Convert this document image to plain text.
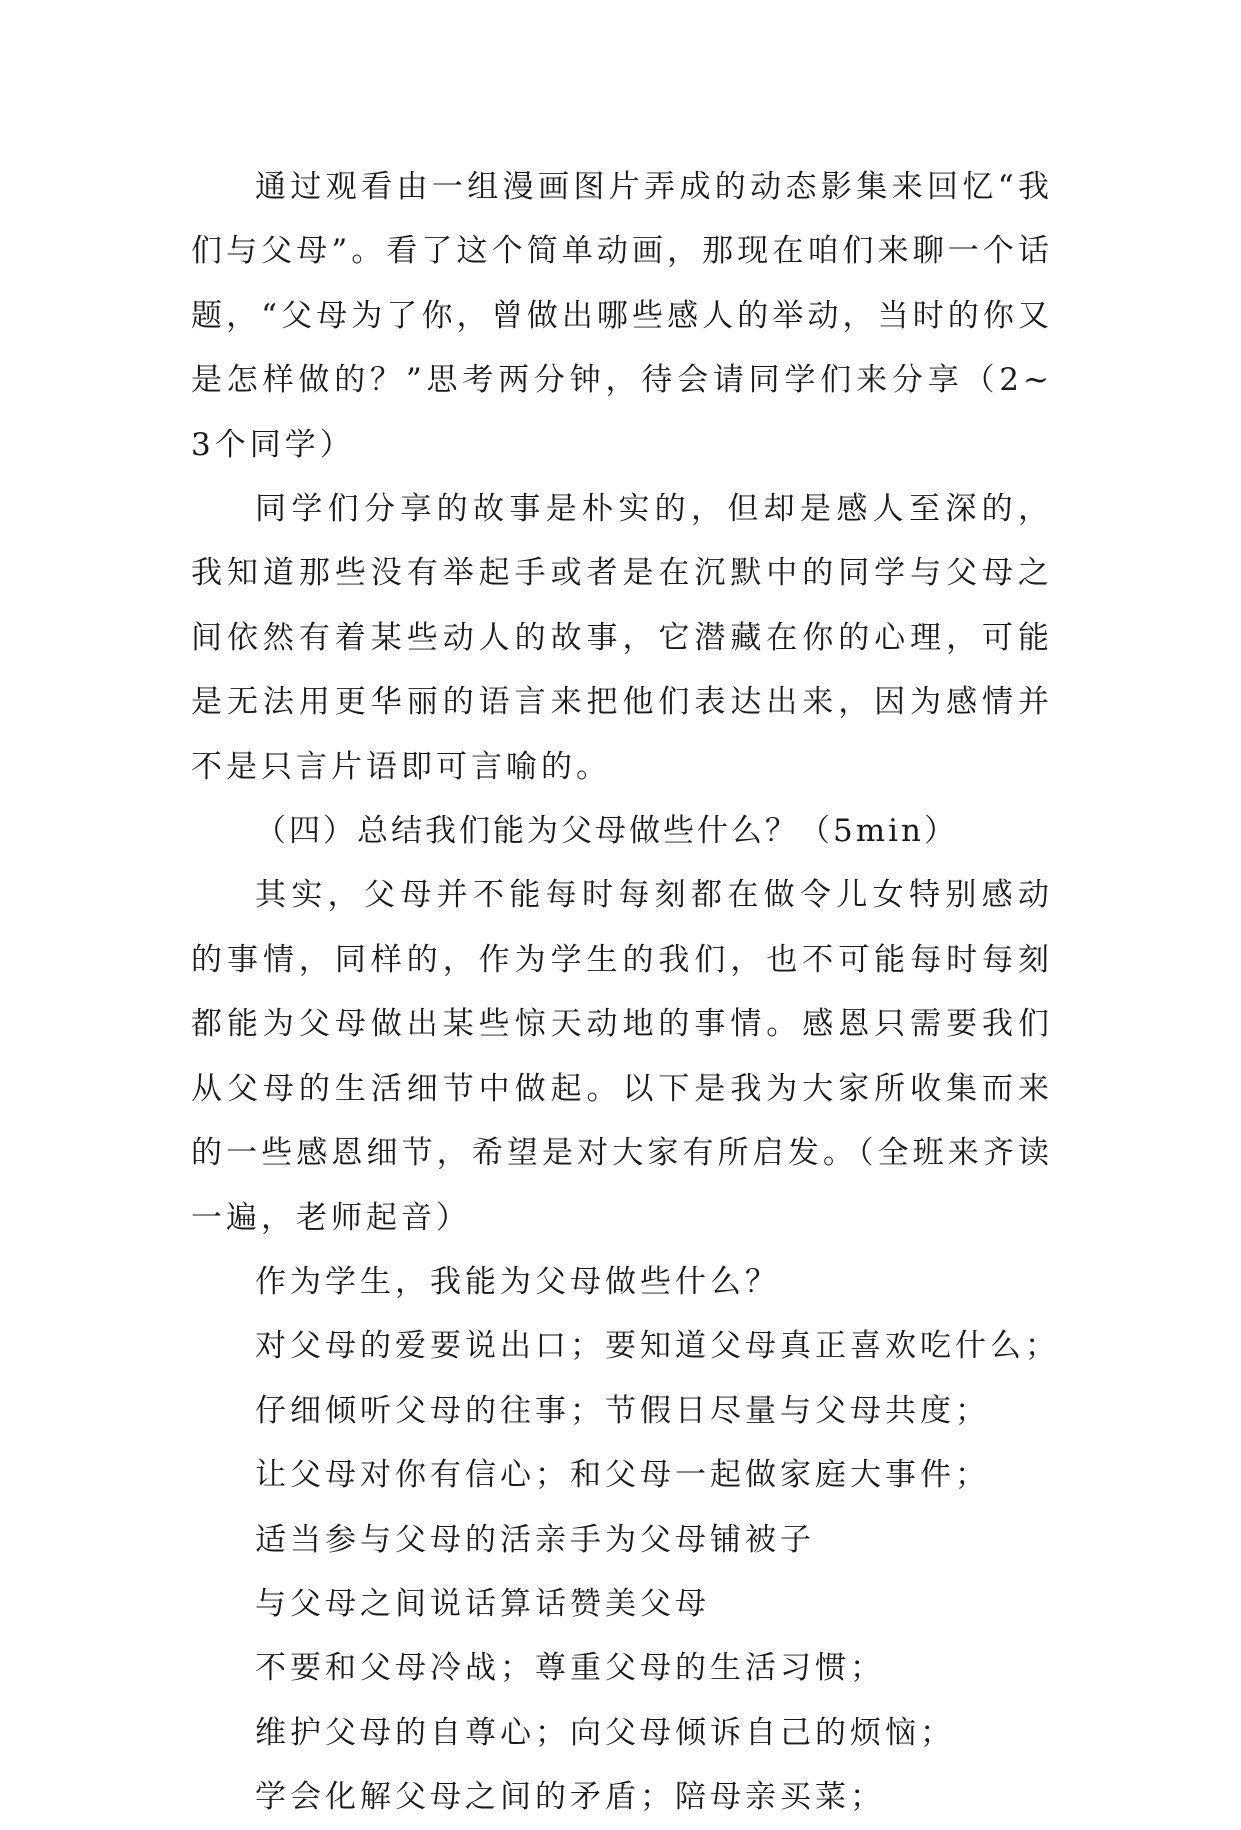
通过观看由一组漫画图片弄成的动态影集来回忆“我们与父母”。看了这个简单动画，那现在咱们来聊一个话题，“父母为了你，曾做出哪些感人的举动，当时的你又是怎样做的？”思考两分钟，待会请同学们来分享（2~3个同学）

同学们分享的故事是朴实的，但却是感人至深的，我知道那些没有举起手或者是在沉默中的同学与父母之间依然有着某些动人的故事，它潜藏在你的心理，可能是无法用更华丽的语言来把他们表达出来，因为感情并不是只言片语即可言喻的。

（四）总结我们能为父母做些什么？（5min）

其实，父母并不能每时每刻都在做令儿女特别感动的事情，同样的，作为学生的我们，也不可能每时每刻都能为父母做出某些惊天动地的事情。感恩只需要我们从父母的生活细节中做起。以下是我为大家所收集而来的一些感恩细节，希望是对大家有所启发。（全班来齐读一遍，老师起音）

作为学生，我能为父母做些什么？

对父母的爱要说出口；要知道父母真正喜欢吃什么；

仔细倾听父母的往事；节假日尽量与父母共度；

让父母对你有信心；和父母一起做家庭大事件；

适当参与父母的活亲手为父母铺被子

与父母之间说话算话赞美父母

不要和父母冷战；尊重父母的生活习惯；

维护父母的自尊心；向父母倾诉自己的烦恼；

学会化解父母之间的矛盾；陪母亲买菜；
